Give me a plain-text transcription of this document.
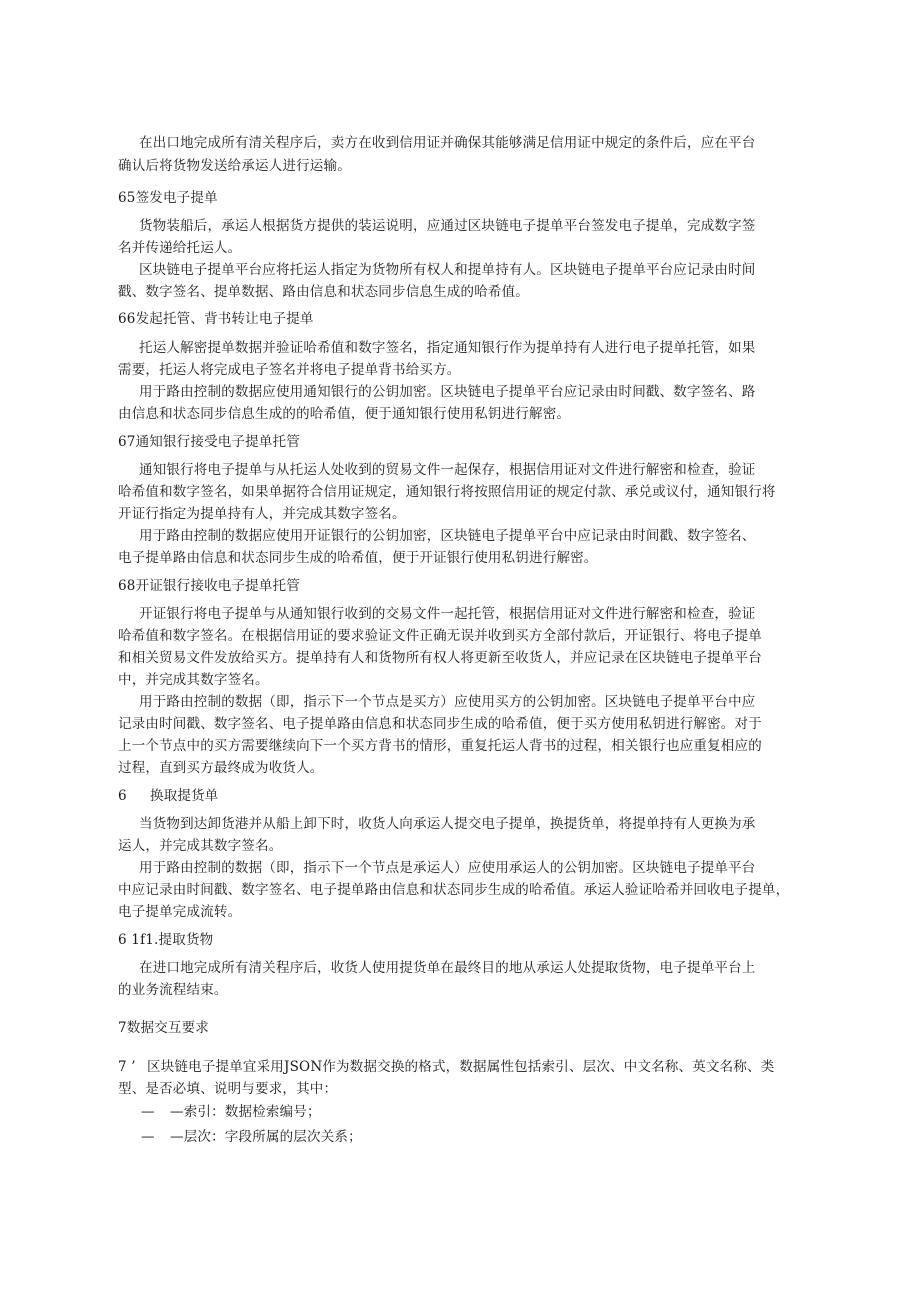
在出口地完成所有清关程序后，卖方在收到信用证并确保其能够满足信用证中规定的条件后，应在平台
确认后将货物发送给承运人进行运输。
65签发电子提单
货物装船后，承运人根据货方提供的装运说明，应通过区块链电子提单平台签发电子提单，完成数字签
名并传递给托运人。
区块链电子提单平台应将托运人指定为货物所有权人和提单持有人。区块链电子提单平台应记录由时间
戳、数字签名、提单数据、路由信息和状态同步信息生成的哈希值。
66发起托管、背书转让电子提单
托运人解密提单数据并验证哈希值和数字签名，指定通知银行作为提单持有人进行电子提单托管，如果
需要，托运人将完成电子签名并将电子提单背书给买方。
用于路由控制的数据应使用通知银行的公钥加密。区块链电子提单平台应记录由时间戳、数字签名、路
由信息和状态同步信息生成的的哈希值，便于通知银行使用私钥进行解密。
67通知银行接受电子提单托管
通知银行将电子提单与从托运人处收到的贸易文件一起保存，根据信用证对文件进行解密和检查，验证
哈希值和数字签名，如果单据符合信用证规定，通知银行将按照信用证的规定付款、承兑或议付，通知银行将
开证行指定为提单持有人，并完成其数字签名。
用于路由控制的数据应使用开证银行的公钥加密，区块链电子提单平台中应记录由时间戳、数字签名、
电子提单路由信息和状态同步生成的哈希值，便于开证银行使用私钥进行解密。
68开证银行接收电子提单托管
开证银行将电子提单与从通知银行收到的交易文件一起托管，根据信用证对文件进行解密和检查，验证
哈希值和数字签名。在根据信用证的要求验证文件正确无误并收到买方全部付款后，开证银行、将电子提单
和相关贸易文件发放给买方。提单持有人和货物所有权人将更新至收货人，并应记录在区块链电子提单平台
中，并完成其数字签名。
用于路由控制的数据（即，指示下一个节点是买方）应使用买方的公钥加密。区块链电子提单平台中应
记录由时间戳、数字签名、电子提单路由信息和状态同步生成的哈希值，便于买方使用私钥进行解密。对于
上一个节点中的买方需要继续向下一个买方背书的情形，重复托运人背书的过程，相关银行也应重复相应的
过程，直到买方最终成为收货人。
6 换取提货单
当货物到达卸货港并从船上卸下时，收货人向承运人提交电子提单，换提货单，将提单持有人更换为承
运人，并完成其数字签名。
用于路由控制的数据（即，指示下一个节点是承运人）应使用承运人的公钥加密。区块链电子提单平台
中应记录由时间戳、数字签名、电子提单路由信息和状态同步生成的哈希值。承运人验证哈希并回收电子提单，
电子提单完成流转。
6 1f1.提取货物
在进口地完成所有清关程序后，收货人使用提货单在最终目的地从承运人处提取货物，电子提单平台上
的业务流程结束。
7数据交互要求
7 ’ 区块链电子提单宜采用JSON作为数据交换的格式，数据属性包括索引、层次、中文名称、英文名称、类
型、是否必填、说明与要求，其中：
— —索引：数据检索编号；
— —层次：字段所属的层次关系；
